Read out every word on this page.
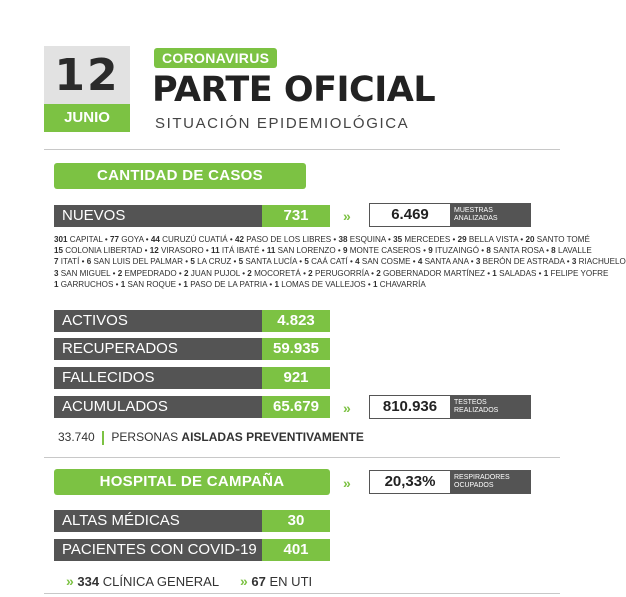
12
JUNIO
CORONAVIRUS
PARTE OFICIAL
SITUACIÓN EPIDEMIOLÓGICA
CANTIDAD DE CASOS
NUEVOS	731	»	6.469	MUESTRAS
ANALIZADAS

301 CAPITAL • 77 GOYA • 44 CURUZÚ CUATIÁ • 42 PASO DE LOS LIBRES • 38 ESQUINA • 35 MERCEDES • 29 BELLA VISTA • 20 SANTO TOMÉ

15 COLONIA LIBERTAD • 12 VIRASORO • 11 ITÁ IBATÉ • 11 SAN LORENZO • 9 MONTE CASEROS • 9 ITUZAINGÓ • 8 SANTA ROSA • 8 LAVALLE

7 ITATÍ • 6 SAN LUIS DEL PALMAR • 5 LA CRUZ • 5 SANTA LUCÍA • 5 CAÁ CATÍ • 4 SAN COSME • 4 SANTA ANA • 3 BERÓN DE ASTRADA • 3 RIACHUELO

3 SAN MIGUEL • 2 EMPEDRADO • 2 JUAN PUJOL • 2 MOCORETÁ • 2 PERUGORRÍA • 2 GOBERNADOR MARTÍNEZ • 1 SALADAS • 1 FELIPE YOFRE

1 GARRUCHOS • 1 SAN ROQUE • 1 PASO DE LA PATRIA • 1 LOMAS DE VALLEJOS • 1 CHAVARRÍA

ACTIVOS	4.823
RECUPERADOS	59.935
FALLECIDOS	921
ACUMULADOS	65.679	»	810.936	TESTEOS
REALIZADOS
33.740 PERSONAS AISLADAS PREVENTIVAMENTE
HOSPITAL DE CAMPAÑA	»	20,33%	RESPIRADORES
OCUPADOS
ALTAS MÉDICAS	30
PACIENTES CON COVID-19	401
» 334 CLÍNICA GENERAL » 67 EN UTI
